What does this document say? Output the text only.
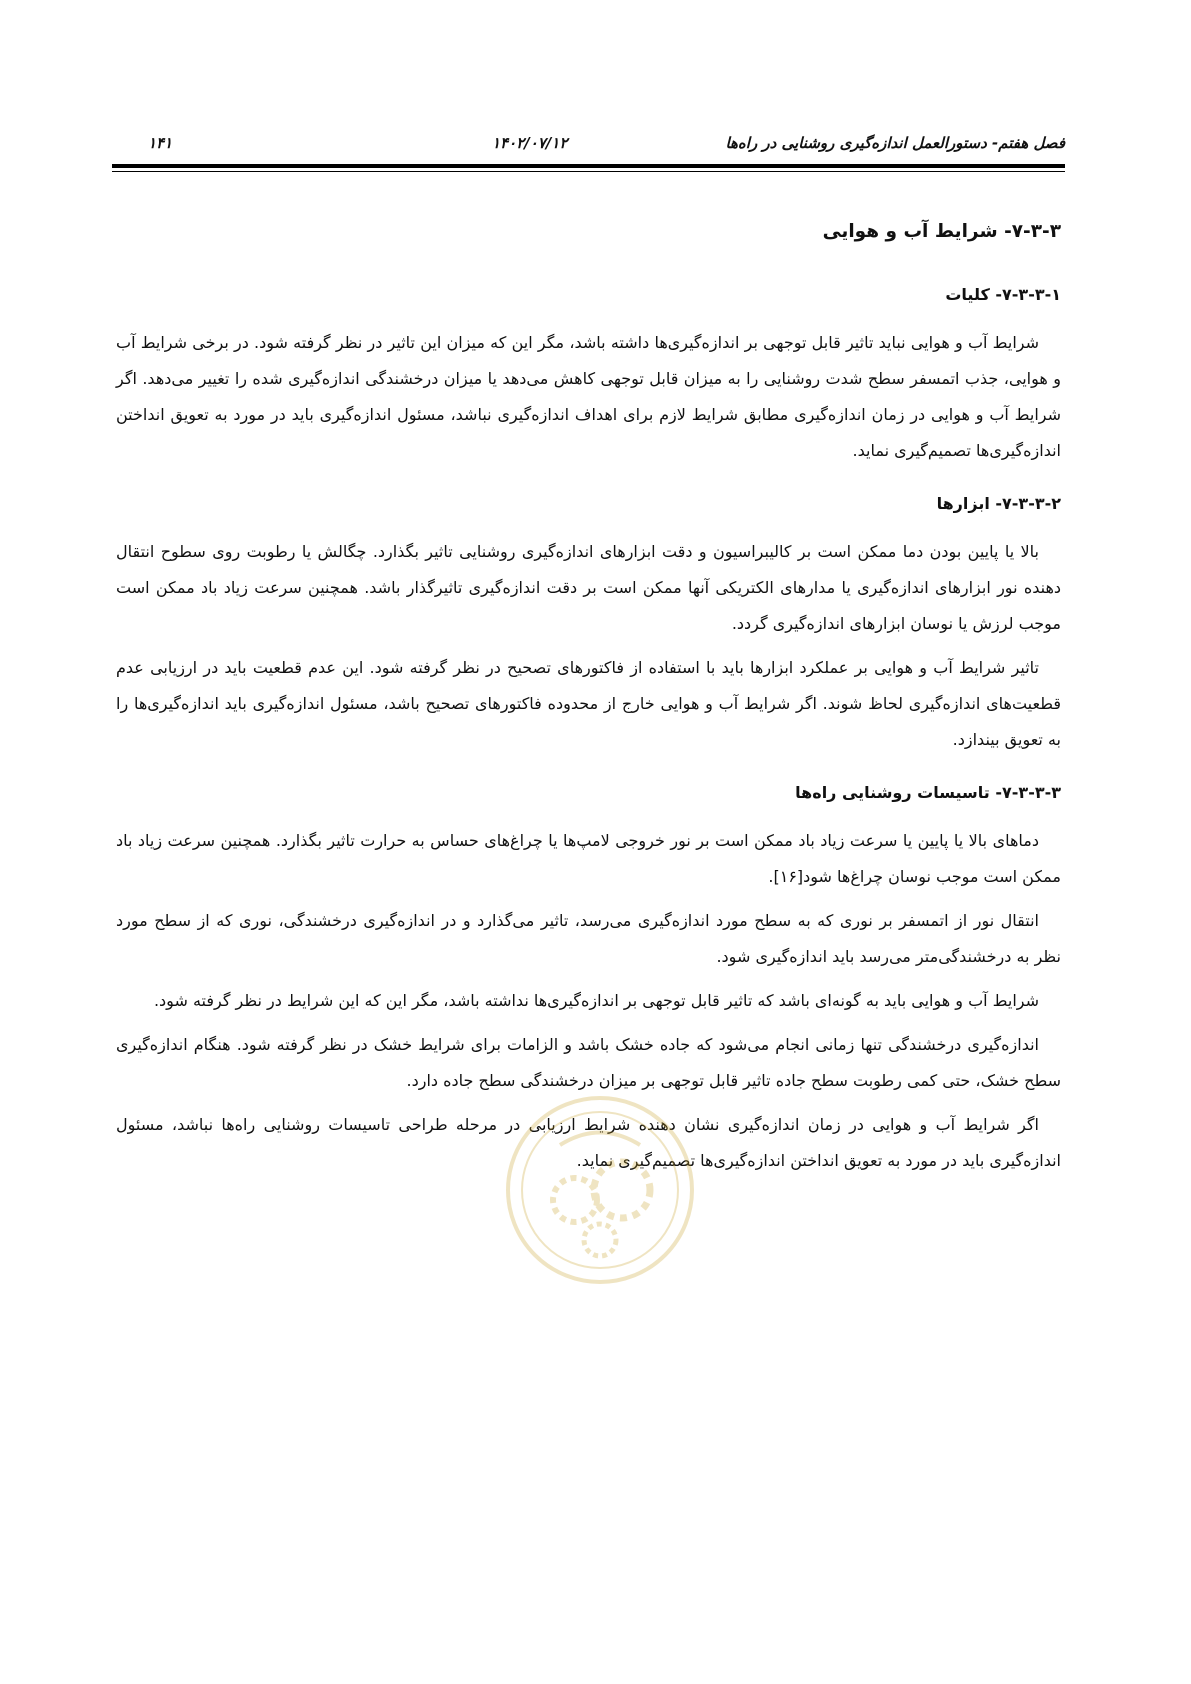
فصل هفتم- دستورالعمل اندازه‌گیری روشنایی در راه‌ها
۱۴۰۲/۰۷/۱۲
۱۴۱
۷-۳-۳- شرایط آب و هوایی
۷-۳-۳-۱- کلیات

شرایط آب و هوایی نباید تاثیر قابل توجهی بر اندازه‌گیری‌ها داشته باشد، مگر این که میزان این تاثیر در نظر گرفته شود. در برخی شرایط آب و هوایی، جذب اتمسفر سطح شدت روشنایی را به میزان قابل توجهی کاهش می‌دهد یا میزان درخشندگی اندازه‌گیری شده را تغییر می‌دهد. اگر شرایط آب و هوایی در زمان اندازه‌گیری مطابق شرایط لازم برای اهداف اندازه‌گیری نباشد، مسئول اندازه‌گیری باید در مورد به تعویق انداختن اندازه‌گیری‌ها تصمیم‌گیری نماید.

۷-۳-۳-۲- ابزارها

بالا یا پایین بودن دما ممکن است بر کالیبراسیون و دقت ابزارهای اندازه‌گیری روشنایی تاثیر بگذارد. چگالش یا رطوبت روی سطوح انتقال دهنده نور ابزارهای اندازه‌گیری یا مدارهای الکتریکی آنها ممکن است بر دقت اندازه‌گیری تاثیرگذار باشد. همچنین سرعت زیاد باد ممکن است موجب لرزش یا نوسان ابزارهای اندازه‌گیری گردد.

تاثیر شرایط آب و هوایی بر عملکرد ابزارها باید با استفاده از فاکتورهای تصحیح در نظر گرفته شود. این عدم قطعیت باید در ارزیابی عدم قطعیت‌های اندازه‌گیری لحاظ شوند. اگر شرایط آب و هوایی خارج از محدوده فاکتورهای تصحیح باشد، مسئول اندازه‌گیری باید اندازه‌گیری‌ها را به تعویق بیندازد.

۷-۳-۳-۳- تاسیسات روشنایی راه‌ها

دماهای بالا یا پایین یا سرعت زیاد باد ممکن است بر نور خروجی لامپ‌ها یا چراغ‌های حساس به حرارت تاثیر بگذارد. همچنین سرعت زیاد باد ممکن است موجب نوسان چراغ‌ها شود[۱۶].

انتقال نور از اتمسفر بر نوری که به سطح مورد اندازه‌گیری می‌رسد، تاثیر می‌گذارد و در اندازه‌گیری درخشندگی، نوری که از سطح مورد نظر به درخشندگی‌متر می‌رسد باید اندازه‌گیری شود.

شرایط آب و هوایی باید به گونه‌ای باشد که تاثیر قابل توجهی بر اندازه‌گیری‌ها نداشته باشد، مگر این که این شرایط در نظر گرفته شود.

اندازه‌گیری درخشندگی تنها زمانی انجام می‌شود که جاده خشک باشد و الزامات برای شرایط خشک در نظر گرفته شود. هنگام اندازه‌گیری سطح خشک، حتی کمی رطوبت سطح جاده تاثیر قابل توجهی بر میزان درخشندگی سطح جاده دارد.

اگر شرایط آب و هوایی در زمان اندازه‌گیری نشان دهنده شرایط ارزیابی در مرحله طراحی تاسیسات روشنایی راه‌ها نباشد، مسئول اندازه‌گیری باید در مورد به تعویق انداختن اندازه‌گیری‌ها تصمیم‌گیری نماید.
